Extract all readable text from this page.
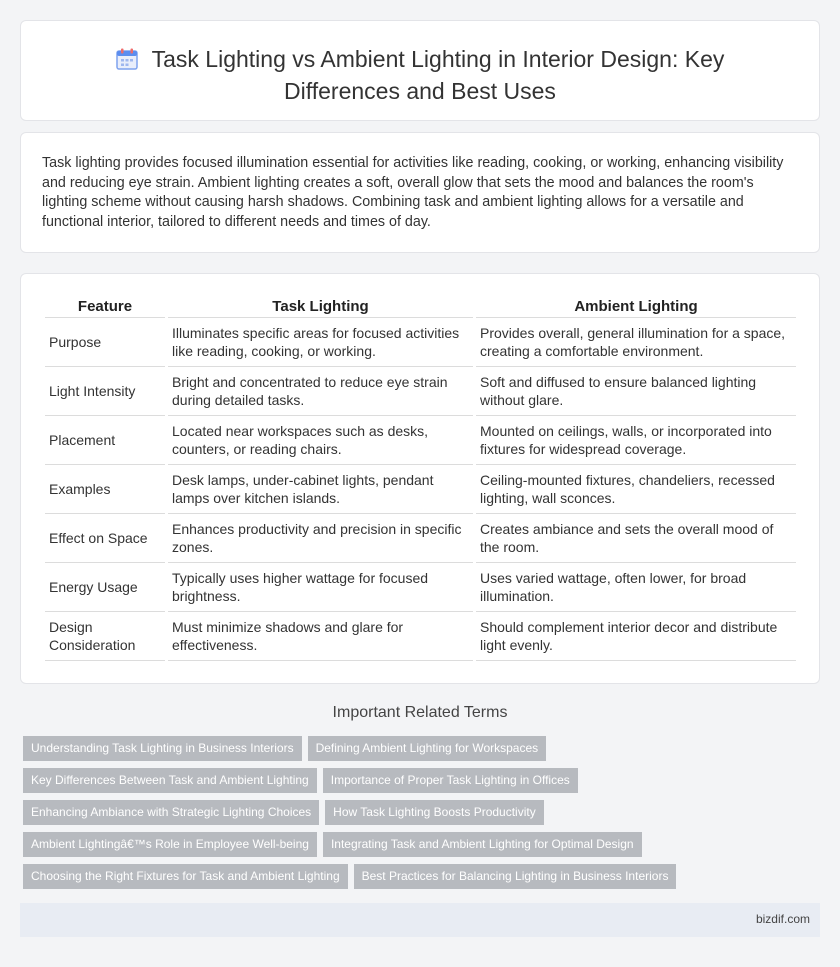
Task Lighting vs Ambient Lighting in Interior Design: Key
Differences and Best Uses

Task lighting provides focused illumination essential for activities like reading, cooking, or working, enhancing visibility and reducing eye strain. Ambient lighting creates a soft, overall glow that sets the mood and balances the room's lighting scheme without causing harsh shadows. Combining task and ambient lighting allows for a versatile and functional interior, tailored to different needs and times of day.

Feature	Task Lighting	Ambient Lighting
Purpose	Illuminates specific areas for focused activities like reading, cooking, or working.	Provides overall, general illumination for a space, creating a comfortable environment.
Light Intensity	Bright and concentrated to reduce eye strain during detailed tasks.	Soft and diffused to ensure balanced lighting without glare.
Placement	Located near workspaces such as desks, counters, or reading chairs.	Mounted on ceilings, walls, or incorporated into fixtures for widespread coverage.
Examples	Desk lamps, under-cabinet lights, pendant lamps over kitchen islands.	Ceiling-mounted fixtures, chandeliers, recessed lighting, wall sconces.
Effect on Space	Enhances productivity and precision in specific zones.	Creates ambiance and sets the overall mood of the room.
Energy Usage	Typically uses higher wattage for focused brightness.	Uses varied wattage, often lower, for broad illumination.
Design Consideration	Must minimize shadows and glare for effectiveness.	Should complement interior decor and distribute light evenly.
Important Related Terms
Understanding Task Lighting in Business Interiors Defining Ambient Lighting for Workspaces
Key Differences Between Task and Ambient Lighting Importance of Proper Task Lighting in Offices
Enhancing Ambiance with Strategic Lighting Choices How Task Lighting Boosts Productivity
Ambient Lightingâ€™s Role in Employee Well-being Integrating Task and Ambient Lighting for Optimal Design
Choosing the Right Fixtures for Task and Ambient Lighting Best Practices for Balancing Lighting in Business Interiors
bizdif.com
